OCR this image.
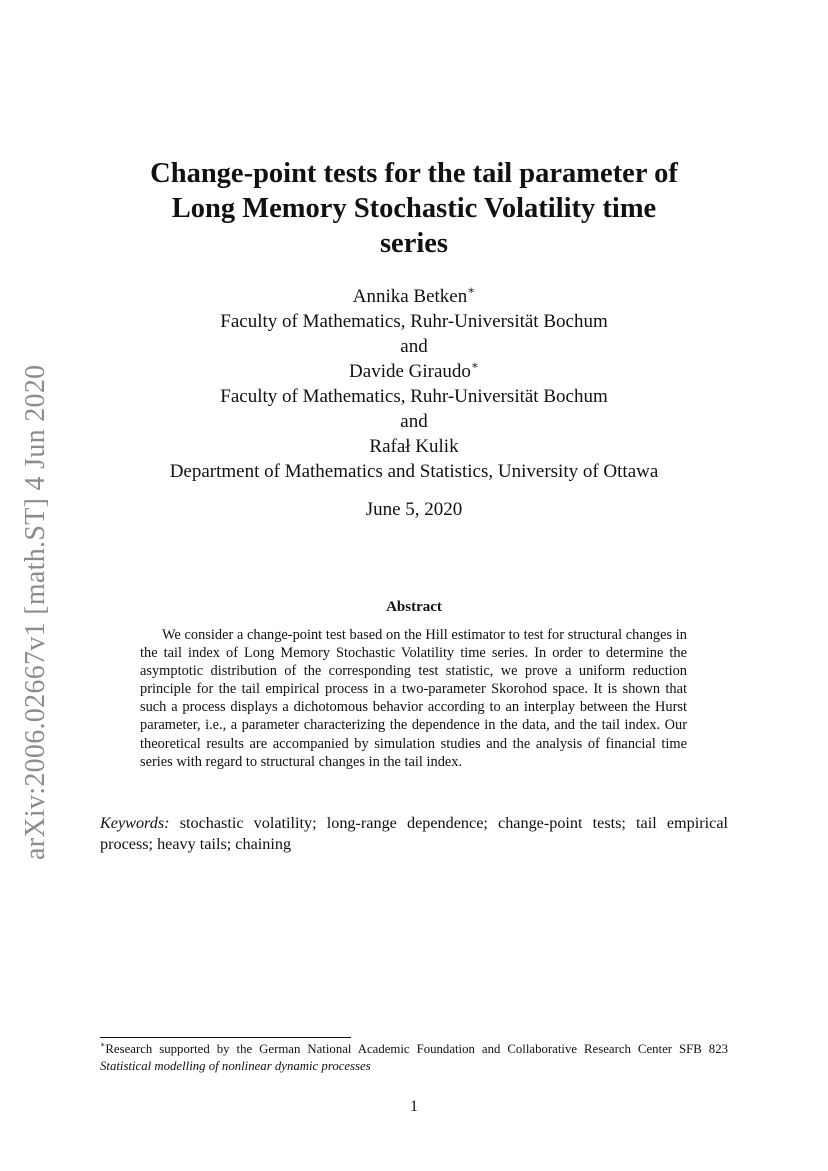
arXiv:2006.02667v1 [math.ST] 4 Jun 2020
Change-point tests for the tail parameter of
Long Memory Stochastic Volatility time
series
Annika Betken∗
Faculty of Mathematics, Ruhr-Universität Bochum
and
Davide Giraudo∗
Faculty of Mathematics, Ruhr-Universität Bochum
and
Rafał Kulik
Department of Mathematics and Statistics, University of Ottawa
June 5, 2020
Abstract

We consider a change-point test based on the Hill estimator to test for structural changes in the tail index of Long Memory Stochastic Volatility time series. In order to determine the asymptotic distribution of the corresponding test statistic, we prove a uniform reduction principle for the tail empirical process in a two-parameter Skorohod space. It is shown that such a process displays a dichotomous behavior according to an interplay between the Hurst parameter, i.e., a parameter characterizing the dependence in the data, and the tail index. Our theoretical results are accompanied by simulation studies and the analysis of financial time series with regard to structural changes in the tail index.

Keywords: stochastic volatility; long-range dependence; change-point tests; tail empirical process; heavy tails; chaining

∗Research supported by the German National Academic Foundation and Collaborative Research Center SFB 823 Statistical modelling of nonlinear dynamic processes

1
